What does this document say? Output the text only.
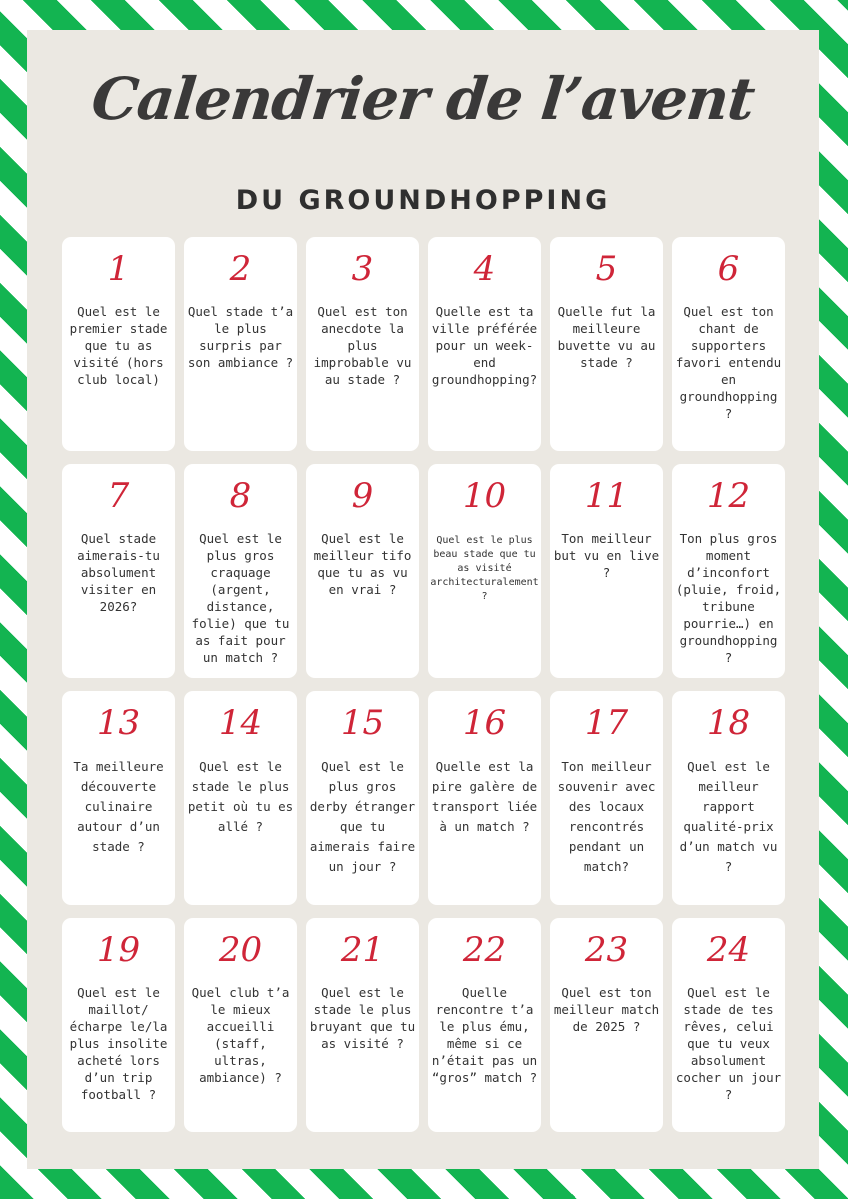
Calendrier de l’avent
DU GROUNDHOPPING
1
Quel est le premier stade que tu as visité (hors club local)
2
Quel stade t’a le plus surpris par son ambiance ?
3
Quel est ton anecdote la plus improbable vu au stade ?
4
Quelle est ta ville préférée pour un week-end groundhopping?
5
Quelle fut la meilleure buvette vu au stade ?
6
Quel est ton chant de supporters favori entendu en groundhopping ?
7
Quel stade aimerais-tu absolument visiter en 2026?
8
Quel est le plus gros craquage (argent, distance, folie) que tu as fait pour un match ?
9
Quel est le meilleur tifo que tu as vu en vrai ?
10
Quel est le plus beau stade que tu as visité architecturalement ?
11
Ton meilleur but vu en live ?
12
Ton plus gros moment d’inconfort (pluie, froid, tribune pourrie…) en groundhopping ?
13
Ta meilleure découverte culinaire autour d’un stade ?
14
Quel est le stade le plus petit où tu es allé ?
15
Quel est le plus gros derby étranger que tu aimerais faire un jour ?
16
Quelle est la pire galère de transport liée à un match ?
17
Ton meilleur souvenir avec des locaux rencontrés pendant un match?
18
Quel est le meilleur rapport qualité-prix d’un match vu ?
19
Quel est le maillot/ écharpe le/la plus insolite acheté lors d’un trip football ?
20
Quel club t’a le mieux accueilli (staff, ultras, ambiance) ?
21
Quel est le stade le plus bruyant que tu as visité ?
22
Quelle rencontre t’a le plus ému, même si ce n’était pas un “gros” match ?
23
Quel est ton meilleur match de 2025 ?
24
Quel est le stade de tes rêves, celui que tu veux absolument cocher un jour ?
